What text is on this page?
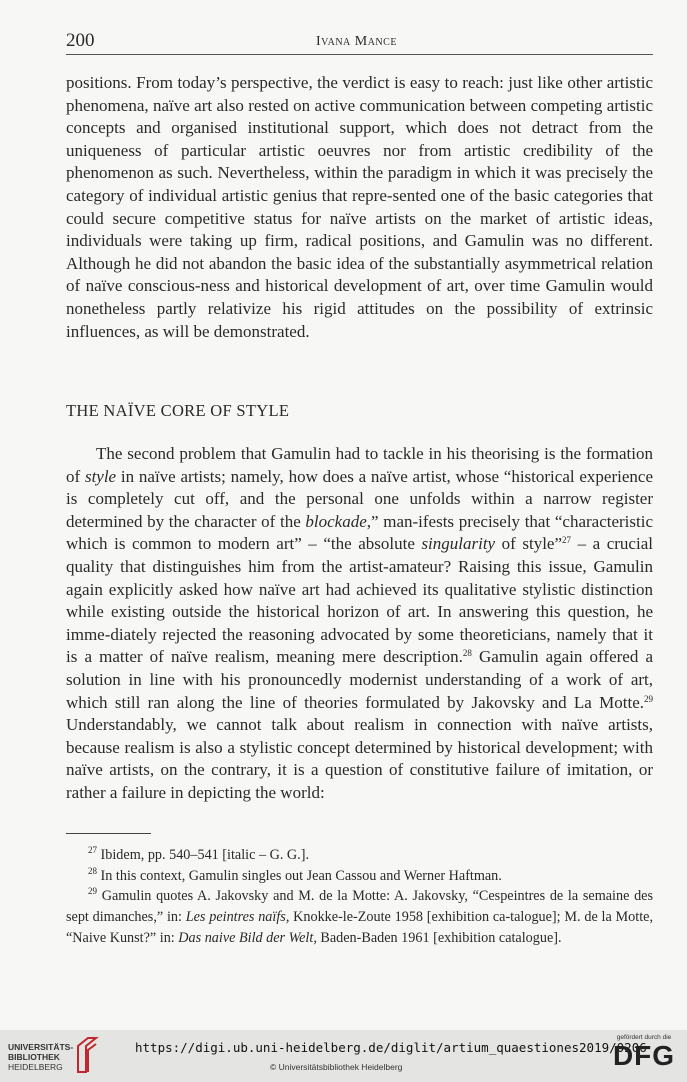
200	Ivana Mance
positions. From today’s perspective, the verdict is easy to reach: just like other artistic phenomena, naïve art also rested on active communication between competing artistic concepts and organised institutional support, which does not detract from the uniqueness of particular artistic oeuvres nor from artistic credibility of the phenomenon as such. Nevertheless, within the paradigm in which it was precisely the category of individual artistic genius that repre-sented one of the basic categories that could secure competitive status for naïve artists on the market of artistic ideas, individuals were taking up firm, radical positions, and Gamulin was no different. Although he did not abandon the basic idea of the substantially asymmetrical relation of naïve conscious-ness and historical development of art, over time Gamulin would nonetheless partly relativize his rigid attitudes on the possibility of extrinsic influences, as will be demonstrated.
THE NAÏVE CORE OF STYLE
The second problem that Gamulin had to tackle in his theorising is the formation of style in naïve artists; namely, how does a naïve artist, whose “historical experience is completely cut off, and the personal one unfolds within a narrow register determined by the character of the blockade,” man-ifests precisely that “characteristic which is common to modern art” – “the absolute singularity of style”$^{27}$ – a crucial quality that distinguishes him from the artist-amateur? Raising this issue, Gamulin again explicitly asked how naïve art had achieved its qualitative stylistic distinction while existing outside the historical horizon of art. In answering this question, he imme-diately rejected the reasoning advocated by some theoreticians, namely that it is a matter of naïve realism, meaning mere description.$^{28}$ Gamulin again offered a solution in line with his pronouncedly modernist understanding of a work of art, which still ran along the line of theories formulated by Jakovsky and La Motte.$^{29}$ Understandably, we cannot talk about realism in connection with naïve artists, because realism is also a stylistic concept determined by historical development; with naïve artists, on the contrary, it is a question of constitutive failure of imitation, or rather a failure in depicting the world:

$^{27}$ Ibidem, pp. 540–541 [italic – G. G.].

$^{28}$ In this context, Gamulin singles out Jean Cassou and Werner Haftman.

$^{29}$ Gamulin quotes A. Jakovsky and M. de la Motte: A. Jakovsky, “Cespeintres de la semaine des sept dimanches,” in: Les peintres naïfs, Knokke-le-Zoute 1958 [exhibition ca-talogue]; M. de la Motte, “Naive Kunst?” in: Das naive Bild der Welt, Baden-Baden 1961 [exhibition catalogue].

UNIVERSITÄTS-
BIBLIOTHEK
HEIDELBERG
https://digi.ub.uni-heidelberg.de/diglit/artium_quaestiones2019/0206
© Universitätsbibliothek Heidelberg
gefördert durch die
DFG
